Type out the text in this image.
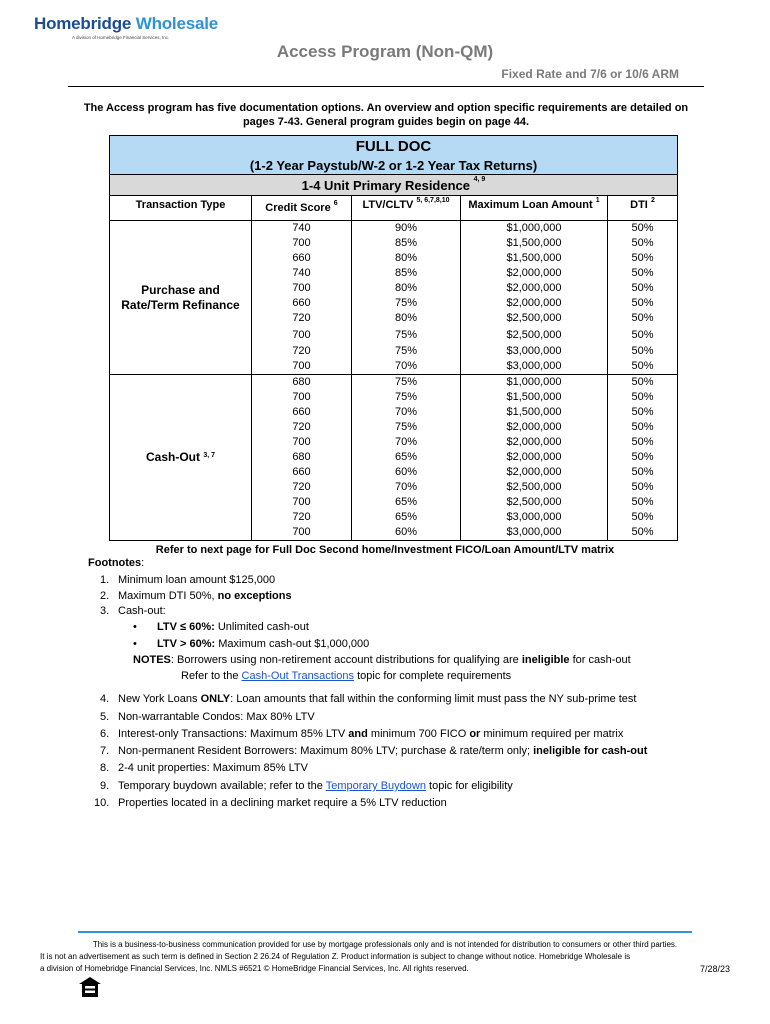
Homebridge Wholesale
A division of Homebridge Financial Services, Inc.
Access Program (Non-QM)
Fixed Rate and 7/6 or 10/6 ARM
The Access program has five documentation options. An overview and option specific requirements are detailed on
pages 7-43. General program guides begin on page 44.
FULL DOC				
(1-2 Year Paystub/W-2 or 1-2 Year Tax Returns)				
1-4 Unit Primary Residence $^{4, 9}$
Transaction Type	Credit Score $^6$	LTV/CLTV $^{5, 6,7,8,10}$	Maximum Loan Amount $^1$	DTI $^2$
Purchase and
Rate/Term Refinance	740	90%	$1,000,000	50%
	700	85%	$1,500,000	50%
	660	80%	$1,500,000	50%
	740	85%	$2,000,000	50%
	700	80%	$2,000,000	50%
	660	75%	$2,000,000	50%
	720	80%	$2,500,000	50%
	700	75%	$2,500,000	50%
	720	75%	$3,000,000	50%
	700	70%	$3,000,000	50%
Cash-Out $^{3, 7}$	680	75%	$1,000,000	50%
	700	75%	$1,500,000	50%
	660	70%	$1,500,000	50%
	720	75%	$2,000,000	50%
	700	70%	$2,000,000	50%
	680	65%	$2,000,000	50%
	660	60%	$2,000,000	50%
	720	70%	$2,500,000	50%
	700	65%	$2,500,000	50%
	720	65%	$3,000,000	50%
	700	60%	$3,000,000	50%
Refer to next page for Full Doc Second home/Investment FICO/Loan Amount/LTV matrix
Footnotes:
1. Minimum loan amount $125,000
2. Maximum DTI 50%, no exceptions
3. Cash-out:
• LTV ≤ 60%: Unlimited cash-out
• LTV > 60%: Maximum cash-out $1,000,000
NOTES: Borrowers using non-retirement account distributions for qualifying are ineligible for cash-out
Refer to the Cash-Out Transactions topic for complete requirements
4. New York Loans ONLY: Loan amounts that fall within the conforming limit must pass the NY sub-prime test
5. Non-warrantable Condos: Max 80% LTV
6. Interest-only Transactions: Maximum 85% LTV and minimum 700 FICO or minimum required per matrix
7. Non-permanent Resident Borrowers: Maximum 80% LTV; purchase & rate/term only; ineligible for cash-out
8. 2-4 unit properties: Maximum 85% LTV
9. Temporary buydown available; refer to the Temporary Buydown topic for eligibility
10. Properties located in a declining market require a 5% LTV reduction
This is a business-to-business communication provided for use by mortgage professionals only and is not intended for distribution to consumers or other third parties.
It is not an advertisement as such term is defined in Section 2 26.24 of Regulation Z. Product information is subject to change without notice. Homebridge Wholesale is
a division of Homebridge Financial Services, Inc. NMLS #6521 © HomeBridge Financial Services, Inc. All rights reserved.	7/28/23
